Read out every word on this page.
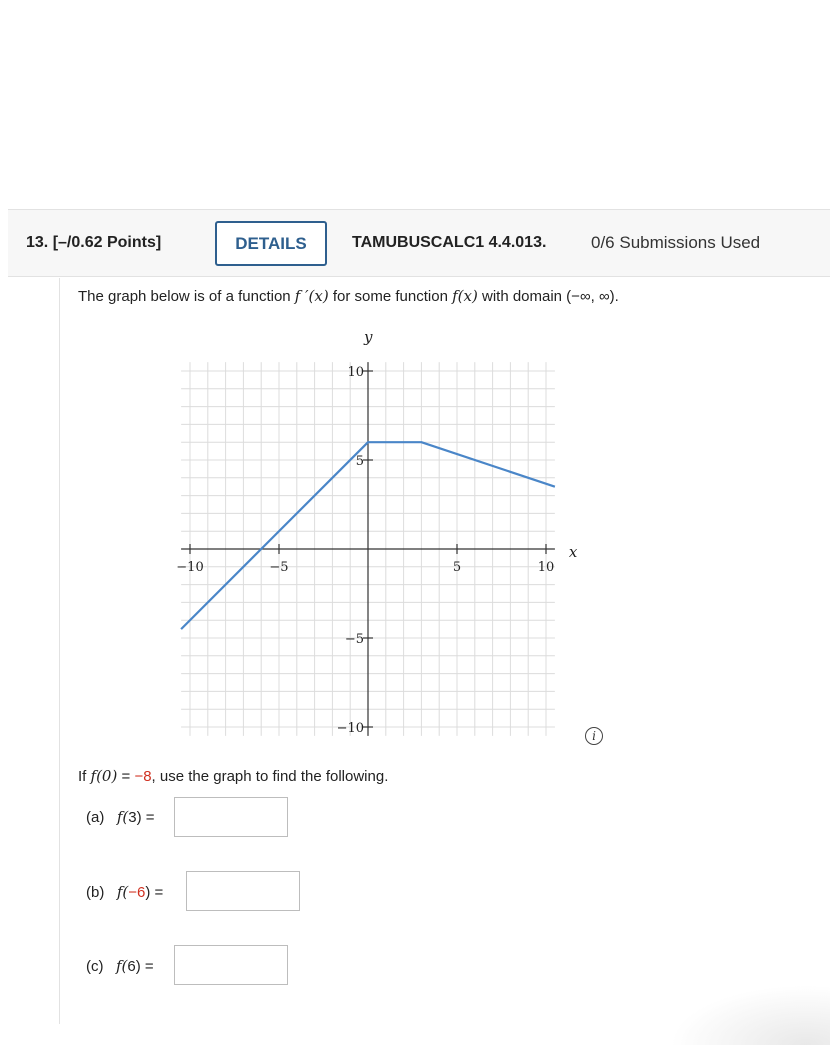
13. [–/0.62 Points]	DETAILS	TAMUBUSCALC1 4.4.013.	0/6 Submissions Used
The graph below is of a function f ′(x) for some function f(x) with domain (−∞, ∞).
−10	−5	5	10
10
5
−5
−10
x
y
i
If f(0) = −8, use the graph to find the following.
(a)   f(3) =
(b)   f(−6) =
(c)   f(6) =
